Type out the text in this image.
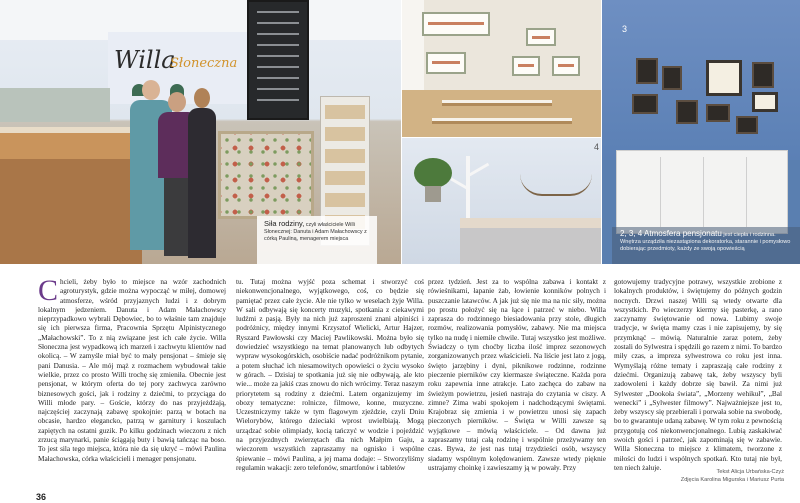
Willa
Słoneczna

Siła rodziny, czyli właściciele Willi Słonecznej: Danuta i Adam Małachowscy z córką Pauliną, menagerem miejsca

3

2, 3, 4 Atmosfera pensjonatu jest ciepła i rodzinna. Wnętrza urządziła niezastąpiona dekoratorka, starannie i pomysłowo dobierając przedmioty, każdy ze swoją opowieścią

4
C hcieli, żeby było to miejsce na wzór zachodnich agroturystyk, gdzie można wypocząć w miłej, domowej atmosferze, wśród przyjaznych ludzi i z dobrym lokalnym jedzeniem. Danuta i Adam Małachowscy nieprzypadkowo wybrali Dębowiec, bo to właśnie tam znajduje się ich pierwsza firma, Pracownia Sprzętu Alpinistycznego „Małachowski”. To z nią związane jest ich całe życie. Willa Słoneczna jest wypadkową ich marzeń i zachwytu klientów nad okolicą. – W zamyśle miał być to mały pensjonat – śmieje się pani Danusia. – Ale mój mąż z rozmachem wybudował takie wielkie, przez co prosto Willi trochę się zmieniła. Obecnie jest pensjonat, w którym oferta do tej pory zachwyca zarówno biznesowych gości, jak i rodziny z dziećmi, to przyciąga do Willi młode pary. – Goście, którzy do nas przyjeżdżają, najczęściej zaczynają zabawę spokojnie: parzą w botach na obcasie, hardzo elegancko, patrzą w garnitury i koszulach zapiętych na ostatni guzik. Po kilku godzinach wieczoru z nich zrzucą marynarki, panie ściągają buty i bawią tańcząc na boso. To jest sila tego miejsca, która nie da się ukryć – mówi Paulina Małachowska, córka właścicieli i menager pensjonatu.
tu. Tutaj można wyjść poza schemat i stworzyć coś niekonwencjonalnego, wyjątkowego, coś, co będzie się pamiętać przez całe życie. Ale nie tylko w weselach żyje Willa. W sali odbywają się koncerty muzyki, spotkania z ciekawymi ludźmi z pasją. Były na nich już zaproszeni znani alpiniści i podróżnicy, między innymi Krzysztof Wielicki, Artur Hajzer, Ryszard Pawłowski czy Maciej Pawlikowski. Można było się dowiedzieć wszystkiego na temat planowanych lub odbytych wypraw wysokogórskich, osobiście nadać podróżnikom pytanie, a potem słuchać ich niesamowitych opowieści o życiu wysoko w górach. – Dzisiaj te spotkania już się nie odbywają, ale kto wie... może za jakiś czas znowu do nich wrócimy. Teraz naszym priorytetem są rodziny z dziećmi. Latem organizujemy im obozy tematyczne: rolnicze, filmowe, konne, muzyczne. Uczestniczymy także w tym flagowym zjeździe, czyli Dniu Wielorybów, którego dzieciaki wprost uwielbiają. Mogą urządzać sobie olimpiady, kocią tańczyć w wodzie i pojeździć na przyjezdnych zwierzętach dla nich Małpim Gaju, a wieczorem wszystkich zapraszamy na ognisko i wspólne śpiewanie – mówi Paulina, a jej mama dodaje: – Stworzyliśmy regulamin wakacji: zero telefonów, smartfonów i tabletów
przez tydzień. Jest za to wspólna zabawa i kontakt z rówieśnikami, łapanie żab, łowienie konników polnych i puszczanie latawców. A jak już się nie ma na nic siły, można po prostu położyć się na łące i patrzeć w niebo. Willa zaprasza do rodzinnego biesiadowania przy stole, długich rozmów, realizowania pomysłów, zabawy. Nie ma miejsca tylko na nudę i niemiłe chwile. Tutaj wszystko jest możliwe. Świadczy o tym choćby liczba ilość imprez sezonowych zorganizowanych przez właścicieli. Na liście jest lato z jogą, święto jarzębiny i dyni, piknikowe rodzinne, rodzinne pieczenie pierników czy kiermasze świąteczne. Każda pora roku zapewnia inne atrakcje. Lato zachęca do zabaw na świeżym powietrzu, jesień nastraja do czytania w ciszy. A zimne? Zima wabi spokojem i nadchodzącymi świętami. Krajobraz się zmienia i w powietrzu unosi się zapach pieczonych pierników. – Święta w Willi zawsze są wyjątkowe – mówią właściciele. – Od dawna już zapraszamy tutaj całą rodzinę i wspólnie przeżywamy ten czas. Bywa, że jest nas tutaj trzydzieści osób, wszyscy siadamy wspólnym kolędowaniem. Zawsze wtedy pięknie ustrajamy choinkę i zawieszamy ją w powały. Przy
gotowujemy tradycyjne potrawy, wszystkie zrobione z lokalnych produktów, i świętujemy do późnych godzin nocnych. Drzwi naszej Willi są wtedy otwarte dla wszystkich. Po wieczerzy kiermy się pasterkę, a rano zaczynamy świętowanie od nowa. Lubimy swoje tradycje, w święta mamy czas i nie zapisujemy, by się przymknąć – mówią. Naturalnie zaraz potem, żeby zostali do Sylwestra i spędzili go razem z nimi. To bardzo miły czas, a impreza sylwestrowa co roku jest inna. Wymyślają różne tematy i zapraszają całe rodziny z dziećmi. Organizują zabawę tak, żeby wszyscy byli zadowoleni i każdy dobrze się bawił. Za nimi już Sylwester „Dookoła świata”, „Morzeny wehikuł”, „Bal wenecki” i „Sylwester filmowy”. Najważniejsze jest to, żeby wszyscy się przebierali i porwała sobie na swobodę, bo to gwarantuje udaną zabawę. W tym roku z pewnością przygotują coś niekonwencjonalnego. Lubią zaskakiwać swoich gości i patrzeć, jak zapominają się w zabawie. Willa Słoneczna to miejsce z klimatem, tworzone z miłości do ludzi i wspólnych spotkań. Kto tutaj nie był, ten niech żałuje.
Tekst Alicja Urbańska-Czyż
Zdjęcia Karolina Migurska i Mariusz Purta
36
